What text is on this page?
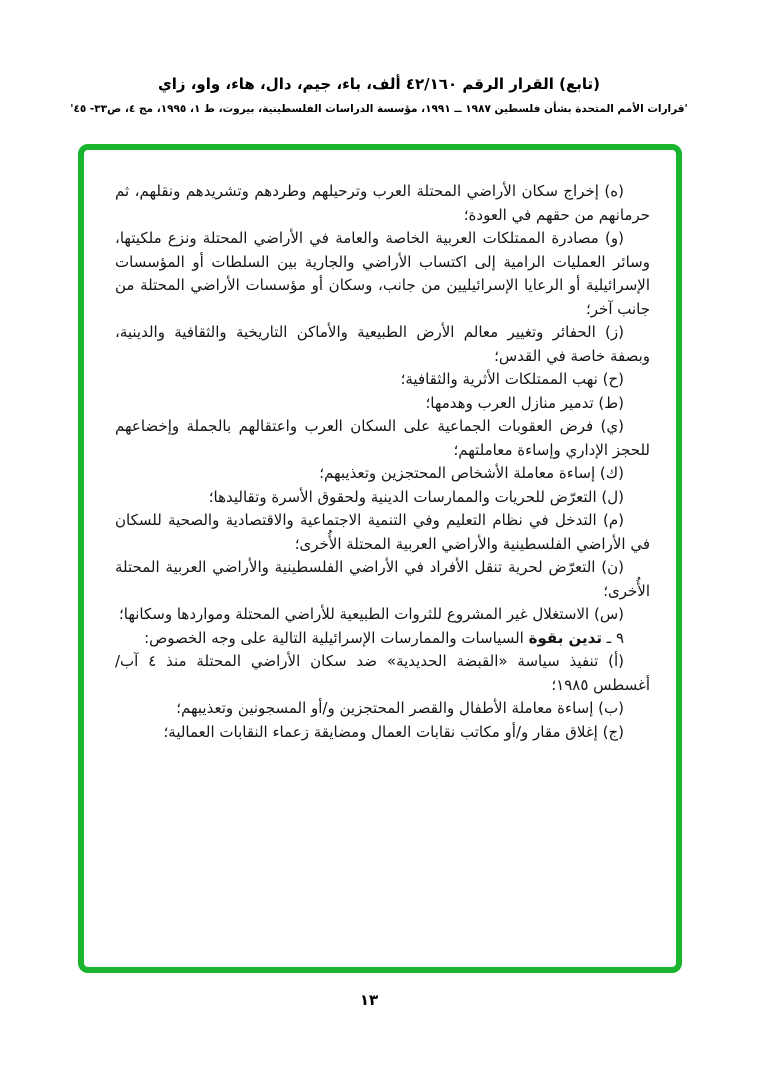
(تابع) القرار الرقم ٤٢/١٦٠ ألف، باء، جيم، دال، هاء، واو، زاي
'قرارات الأمم المتحدة بشأن فلسطين ١٩٨٧ ــ ١٩٩١، مؤسسة الدراسات الفلسطينية، بيروت، ط ١، ١٩٩٥، مج ٤، ص٣٣- ٤٥'

(ه) إخراج سكان الأراضي المحتلة العرب وترحيلهم وطردهم وتشريدهم ونقلهم، ثم حرمانهم من حقهم في العودة؛

(و) مصادرة الممتلكات العربية الخاصة والعامة في الأراضي المحتلة ونزع ملكيتها، وسائر العمليات الرامية إلى اكتساب الأراضي والجارية بين السلطات أو المؤسسات الإسرائيلية أو الرعايا الإسرائيليين من جانب، وسكان أو مؤسسات الأراضي المحتلة من جانب آخر؛

(ز) الحفائر وتغيير معالم الأرض الطبيعية والأماكن التاريخية والثقافية والدينية، وبصفة خاصة في القدس؛

(ح) نهب الممتلكات الأثرية والثقافية؛

(ط) تدمير منازل العرب وهدمها؛

(ي) فرض العقوبات الجماعية على السكان العرب واعتقالهم بالجملة وإخضاعهم للحجز الإداري وإساءة معاملتهم؛

(ك) إساءة معاملة الأشخاص المحتجزين وتعذيبهم؛

(ل) التعرّض للحريات والممارسات الدينية ولحقوق الأسرة وتقاليدها؛

(م) التدخل في نظام التعليم وفي التنمية الاجتماعية والاقتصادية والصحية للسكان في الأراضي الفلسطينية والأراضي العربية المحتلة الأُخرى؛

(ن) التعرّض لحرية تنقل الأفراد في الأراضي الفلسطينية والأراضي العربية المحتلة الأُخرى؛

(س) الاستغلال غير المشروع للثروات الطبيعية للأراضي المحتلة ومواردها وسكانها؛

٩ ـ تدين بقوة السياسات والممارسات الإسرائيلية التالية على وجه الخصوص:

(أ) تنفيذ سياسة «القبضة الحديدية» ضد سكان الأراضي المحتلة منذ ٤ آب/أغسطس ١٩٨٥؛

(ب) إساءة معاملة الأطفال والقصر المحتجزين و/أو المسجونين وتعذيبهم؛

(ج) إغلاق مقار و/أو مكاتب نقابات العمال ومضايقة زعماء النقابات العمالية؛

١٣
